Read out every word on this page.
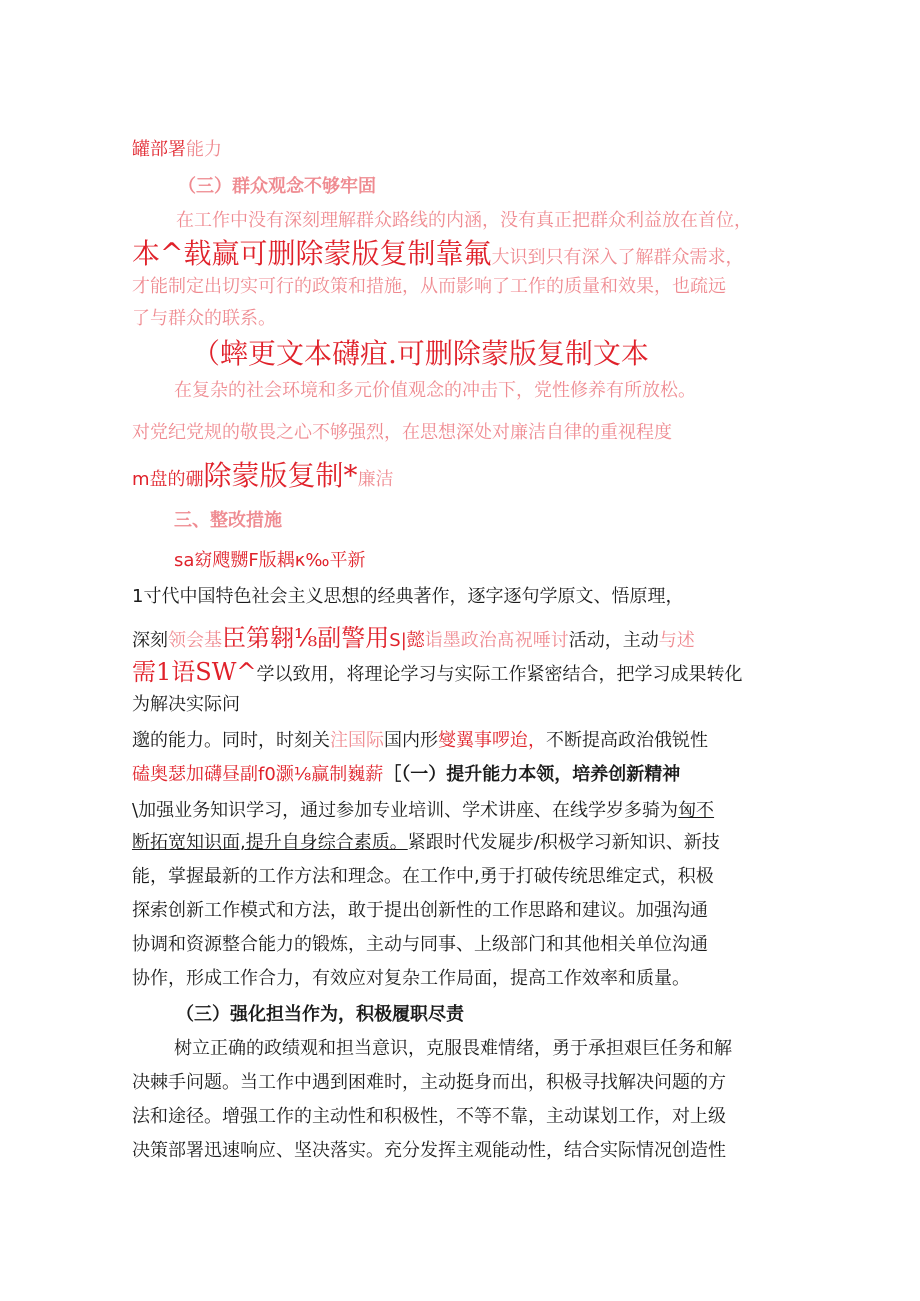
罐部署能力
（三）群众观念不够牢固
在工作中没有深刻理解群众路线的内涵，没有真正把群众利益放在首位，
本^载赢可删除蒙版复制靠氟大识到只有深入了解群众需求，
才能制定出切实可行的政策和措施，从而影响了工作的质量和效果，也疏远
了与群众的联系。
（蟀更文本礴疽.可删除蒙版复制文本
在复杂的社会环境和多元价值观念的冲击下，党性修养有所放松。
对党纪党规的敬畏之心不够强烈，在思想深处对廉洁自律的重视程度
m盘的硼除蒙版复制*廉洁
三、整改措施
sa窈飕嬲F版耦κ‰平新
1寸代中国特色社会主义思想的经典著作，逐字逐句学原文、悟原理，
深刻领会基臣第翱⅛副警用S|懿诣墨政治髙祝唾讨活动，主动与述
需1语SW^学以致用，将理论学习与实际工作紧密结合，把学习成果转化
为解决实际问
邈的能力。同时，时刻关注国际国内形燮翼事啰迨，不断提高政治俄锐性
磕奥瑟加礴昼副f0灏⅛赢制巍薪［（一）提升能力本领，培养创新精神
\加强业务知识学习，通过参加专业培训、学术讲座、在线学岁多骑为匈不
断拓宽知识面,提升自身综合素质。紧跟时代发屣步/积极学习新知识、新技
能，掌握最新的工作方法和理念。在工作中,勇于打破传统思维定式，积极
探索创新工作模式和方法，敢于提出创新性的工作思路和建议。加强沟通
协调和资源整合能力的锻炼，主动与同事、上级部门和其他相关单位沟通
协作，形成工作合力，有效应对复杂工作局面，提高工作效率和质量。
（三）强化担当作为，积极履职尽责
树立正确的政绩观和担当意识，克服畏难情绪，勇于承担艰巨任务和解
决棘手问题。当工作中遇到困难时，主动挺身而出，积极寻找解决问题的方
法和途径。增强工作的主动性和积极性，不等不靠，主动谋划工作，对上级
决策部署迅速响应、坚决落实。充分发挥主观能动性，结合实际情况创造性
